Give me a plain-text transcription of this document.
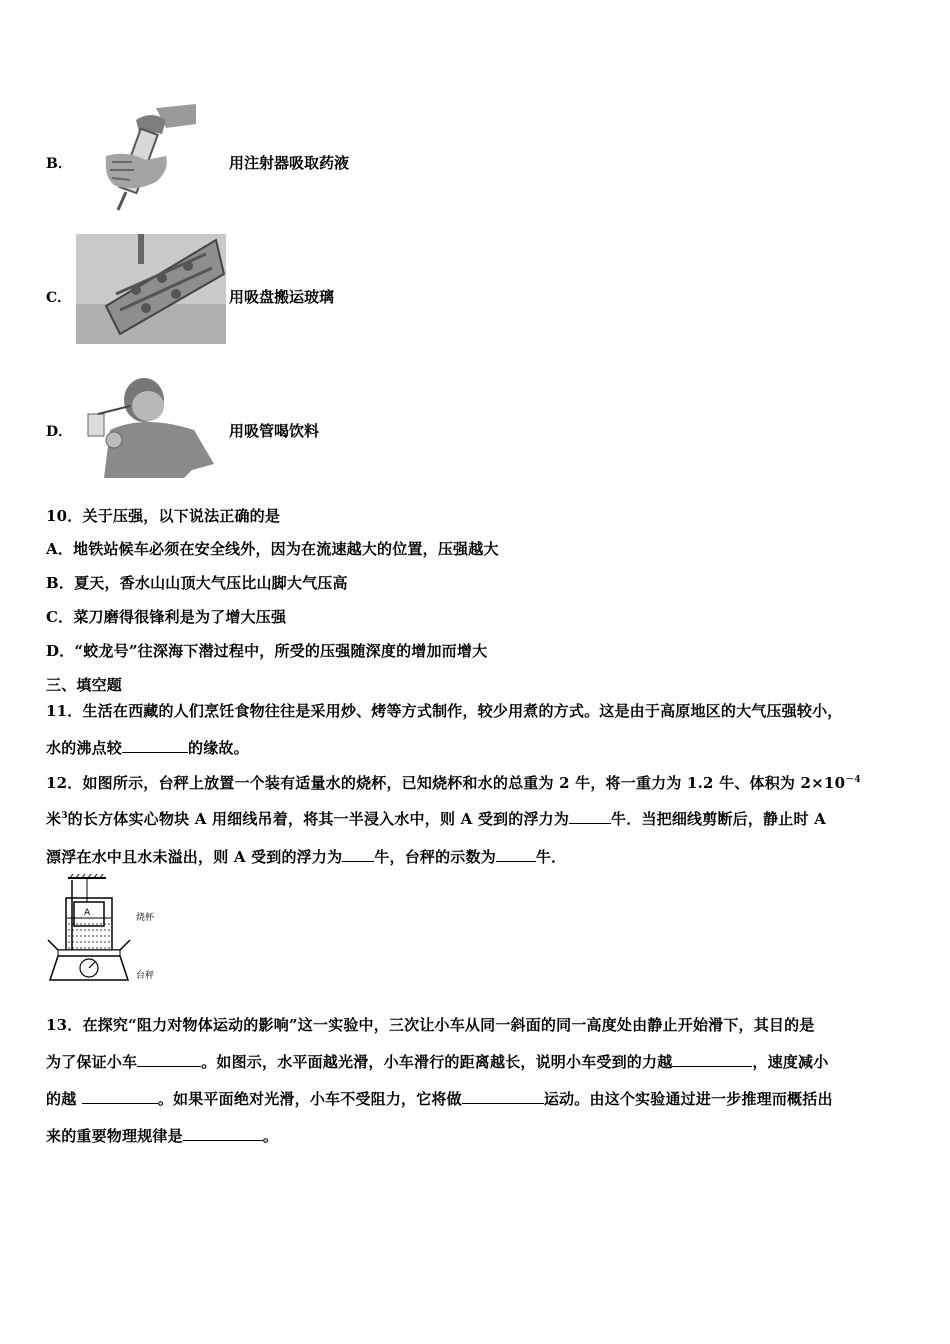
B．	用注射器吸取药液
C．	用吸盘搬运玻璃
D．	用吸管喝饮料
10．关于压强，以下说法正确的是
A．地铁站候车必须在安全线外，因为在流速越大的位置，压强越大
B．夏天，香水山山顶大气压比山脚大气压高
C．菜刀磨得很锋利是为了增大压强
D．“蛟龙号”往深海下潜过程中，所受的压强随深度的增加而增大
三、填空题
11．生活在西藏的人们烹饪食物往往是采用炒、烤等方式制作，较少用煮的方式。这是由于高原地区的大气压强较小，
水的沸点较	的缘故。
12．如图所示，台秤上放置一个装有适量水的烧杯，已知烧杯和水的总重为 2 牛，将一重力为 1.2 牛、体积为 $2\times 10^{-4}$
米$^3$的长方体实心物块 A 用细线吊着，将其一半浸入水中，则 A 受到的浮力为	牛．当把细线剪断后，静止时 A
漂浮在水中且水未溢出，则 A 受到的浮力为 牛，台秤的示数为	牛．
A	烧杯
台秤
13．在探究“阻力对物体运动的影响”这一实验中，三次让小车从同一斜面的同一高度处由静止开始滑下，其目的是
为了保证小车	。如图示，水平面越光滑，小车滑行的距离越长，说明小车受到的力越	，速度减小
的越	。如果平面绝对光滑，小车不受阻力，它将做	运动。由这个实验通过进一步推理而概括出
来的重要物理规律是	。
